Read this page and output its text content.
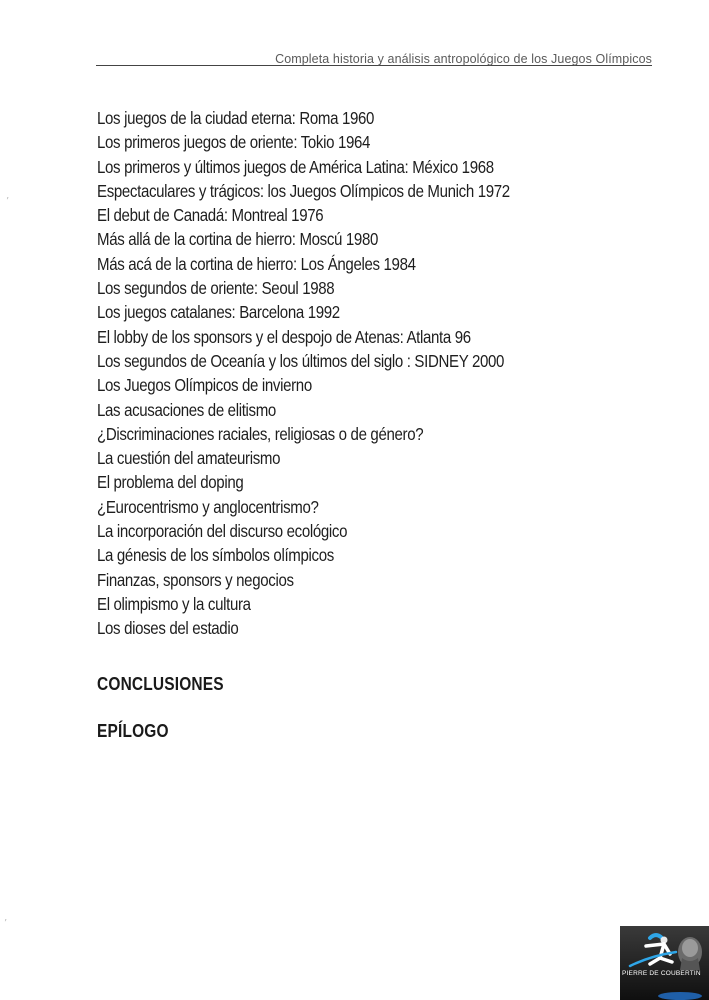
Completa historia y análisis antropológico de los Juegos Olímpicos
Los juegos de la ciudad eterna: Roma 1960
Los primeros juegos de oriente: Tokio 1964
Los primeros y últimos juegos de América Latina: México 1968
Espectaculares y trágicos: los Juegos Olímpicos de Munich 1972
El debut de Canadá: Montreal 1976
Más allá de la cortina de hierro: Moscú 1980
Más acá de la cortina de hierro: Los Ángeles 1984
Los segundos de oriente: Seoul 1988
Los juegos catalanes: Barcelona 1992
El lobby de los sponsors y el despojo de Atenas: Atlanta 96
Los segundos de Oceanía y los últimos del siglo : SIDNEY 2000
Los Juegos Olímpicos de invierno
Las acusaciones de elitismo
¿Discriminaciones raciales, religiosas o de género?
La cuestión del amateurismo
El problema del doping
¿Eurocentrismo y anglocentrismo?
La incorporación del discurso ecológico
La génesis de los símbolos olímpicos
Finanzas, sponsors y negocios
El olimpismo y la cultura
Los dioses del estadio
CONCLUSIONES
EPÍLOGO
’
’
PIERRE DE COUBERTIN
